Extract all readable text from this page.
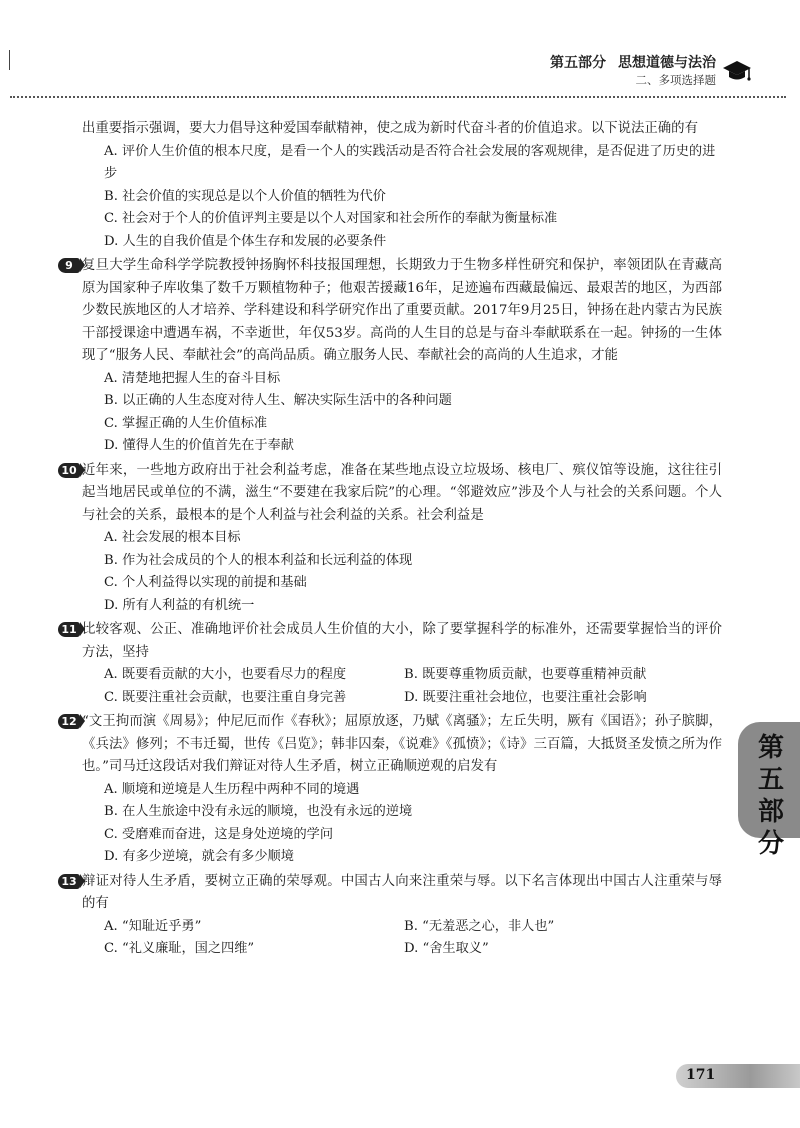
第五部分 思想道德与法治
二、多项选择题

出重要指示强调，要大力倡导这种爱国奉献精神，使之成为新时代奋斗者的价值追求。以下说法正确的有

A. 评价人生价值的根本尺度，是看一个人的实践活动是否符合社会发展的客观规律，是否促进了历史的进步

B. 社会价值的实现总是以个人价值的牺牲为代价

C. 社会对于个人的价值评判主要是以个人对国家和社会所作的奉献为衡量标准

D. 人生的自我价值是个体生存和发展的必要条件

9 复旦大学生命科学学院教授钟扬胸怀科技报国理想，长期致力于生物多样性研究和保护，率领团队在青藏高原为国家种子库收集了数千万颗植物种子；他艰苦援藏16年，足迹遍布西藏最偏远、最艰苦的地区，为西部少数民族地区的人才培养、学科建设和科学研究作出了重要贡献。2017年9月25日，钟扬在赴内蒙古为民族干部授课途中遭遇车祸，不幸逝世，年仅53岁。高尚的人生目的总是与奋斗奉献联系在一起。钟扬的一生体现了“服务人民、奉献社会”的高尚品质。确立服务人民、奉献社会的高尚的人生追求，才能

A. 清楚地把握人生的奋斗目标

B. 以正确的人生态度对待人生、解决实际生活中的各种问题

C. 掌握正确的人生价值标准

D. 懂得人生的价值首先在于奉献

10 近年来，一些地方政府出于社会利益考虑，准备在某些地点设立垃圾场、核电厂、殡仪馆等设施，这往往引起当地居民或单位的不满，滋生“不要建在我家后院”的心理。“邻避效应”涉及个人与社会的关系问题。个人与社会的关系，最根本的是个人利益与社会利益的关系。社会利益是

A. 社会发展的根本目标

B. 作为社会成员的个人的根本利益和长远利益的体现

C. 个人利益得以实现的前提和基础

D. 所有人利益的有机统一

11 比较客观、公正、准确地评价社会成员人生价值的大小，除了要掌握科学的标准外，还需要掌握恰当的评价方法，坚持

A. 既要看贡献的大小，也要看尽力的程度	B. 既要尊重物质贡献，也要尊重精神贡献
C. 既要注重社会贡献，也要注重自身完善	D. 既要注重社会地位，也要注重社会影响
12 “文王拘而演《周易》；仲尼厄而作《春秋》；屈原放逐，乃赋《离骚》；左丘失明，厥有《国语》；孙子膑脚，《兵法》修列；不韦迁蜀，世传《吕览》；韩非囚秦，《说难》《孤愤》；《诗》三百篇，大抵贤圣发愤之所为作也。”司马迁这段话对我们辩证对待人生矛盾，树立正确顺逆观的启发有

A. 顺境和逆境是人生历程中两种不同的境遇

B. 在人生旅途中没有永远的顺境，也没有永远的逆境

C. 受磨难而奋进，这是身处逆境的学问

D. 有多少逆境，就会有多少顺境

13 辩证对待人生矛盾，要树立正确的荣辱观。中国古人向来注重荣与辱。以下名言体现出中国古人注重荣与辱的有

A. “知耻近乎勇”	B. “无羞恶之心，非人也”
C. “礼义廉耻，国之四维”	D. “舍生取义”
第五部分
171
